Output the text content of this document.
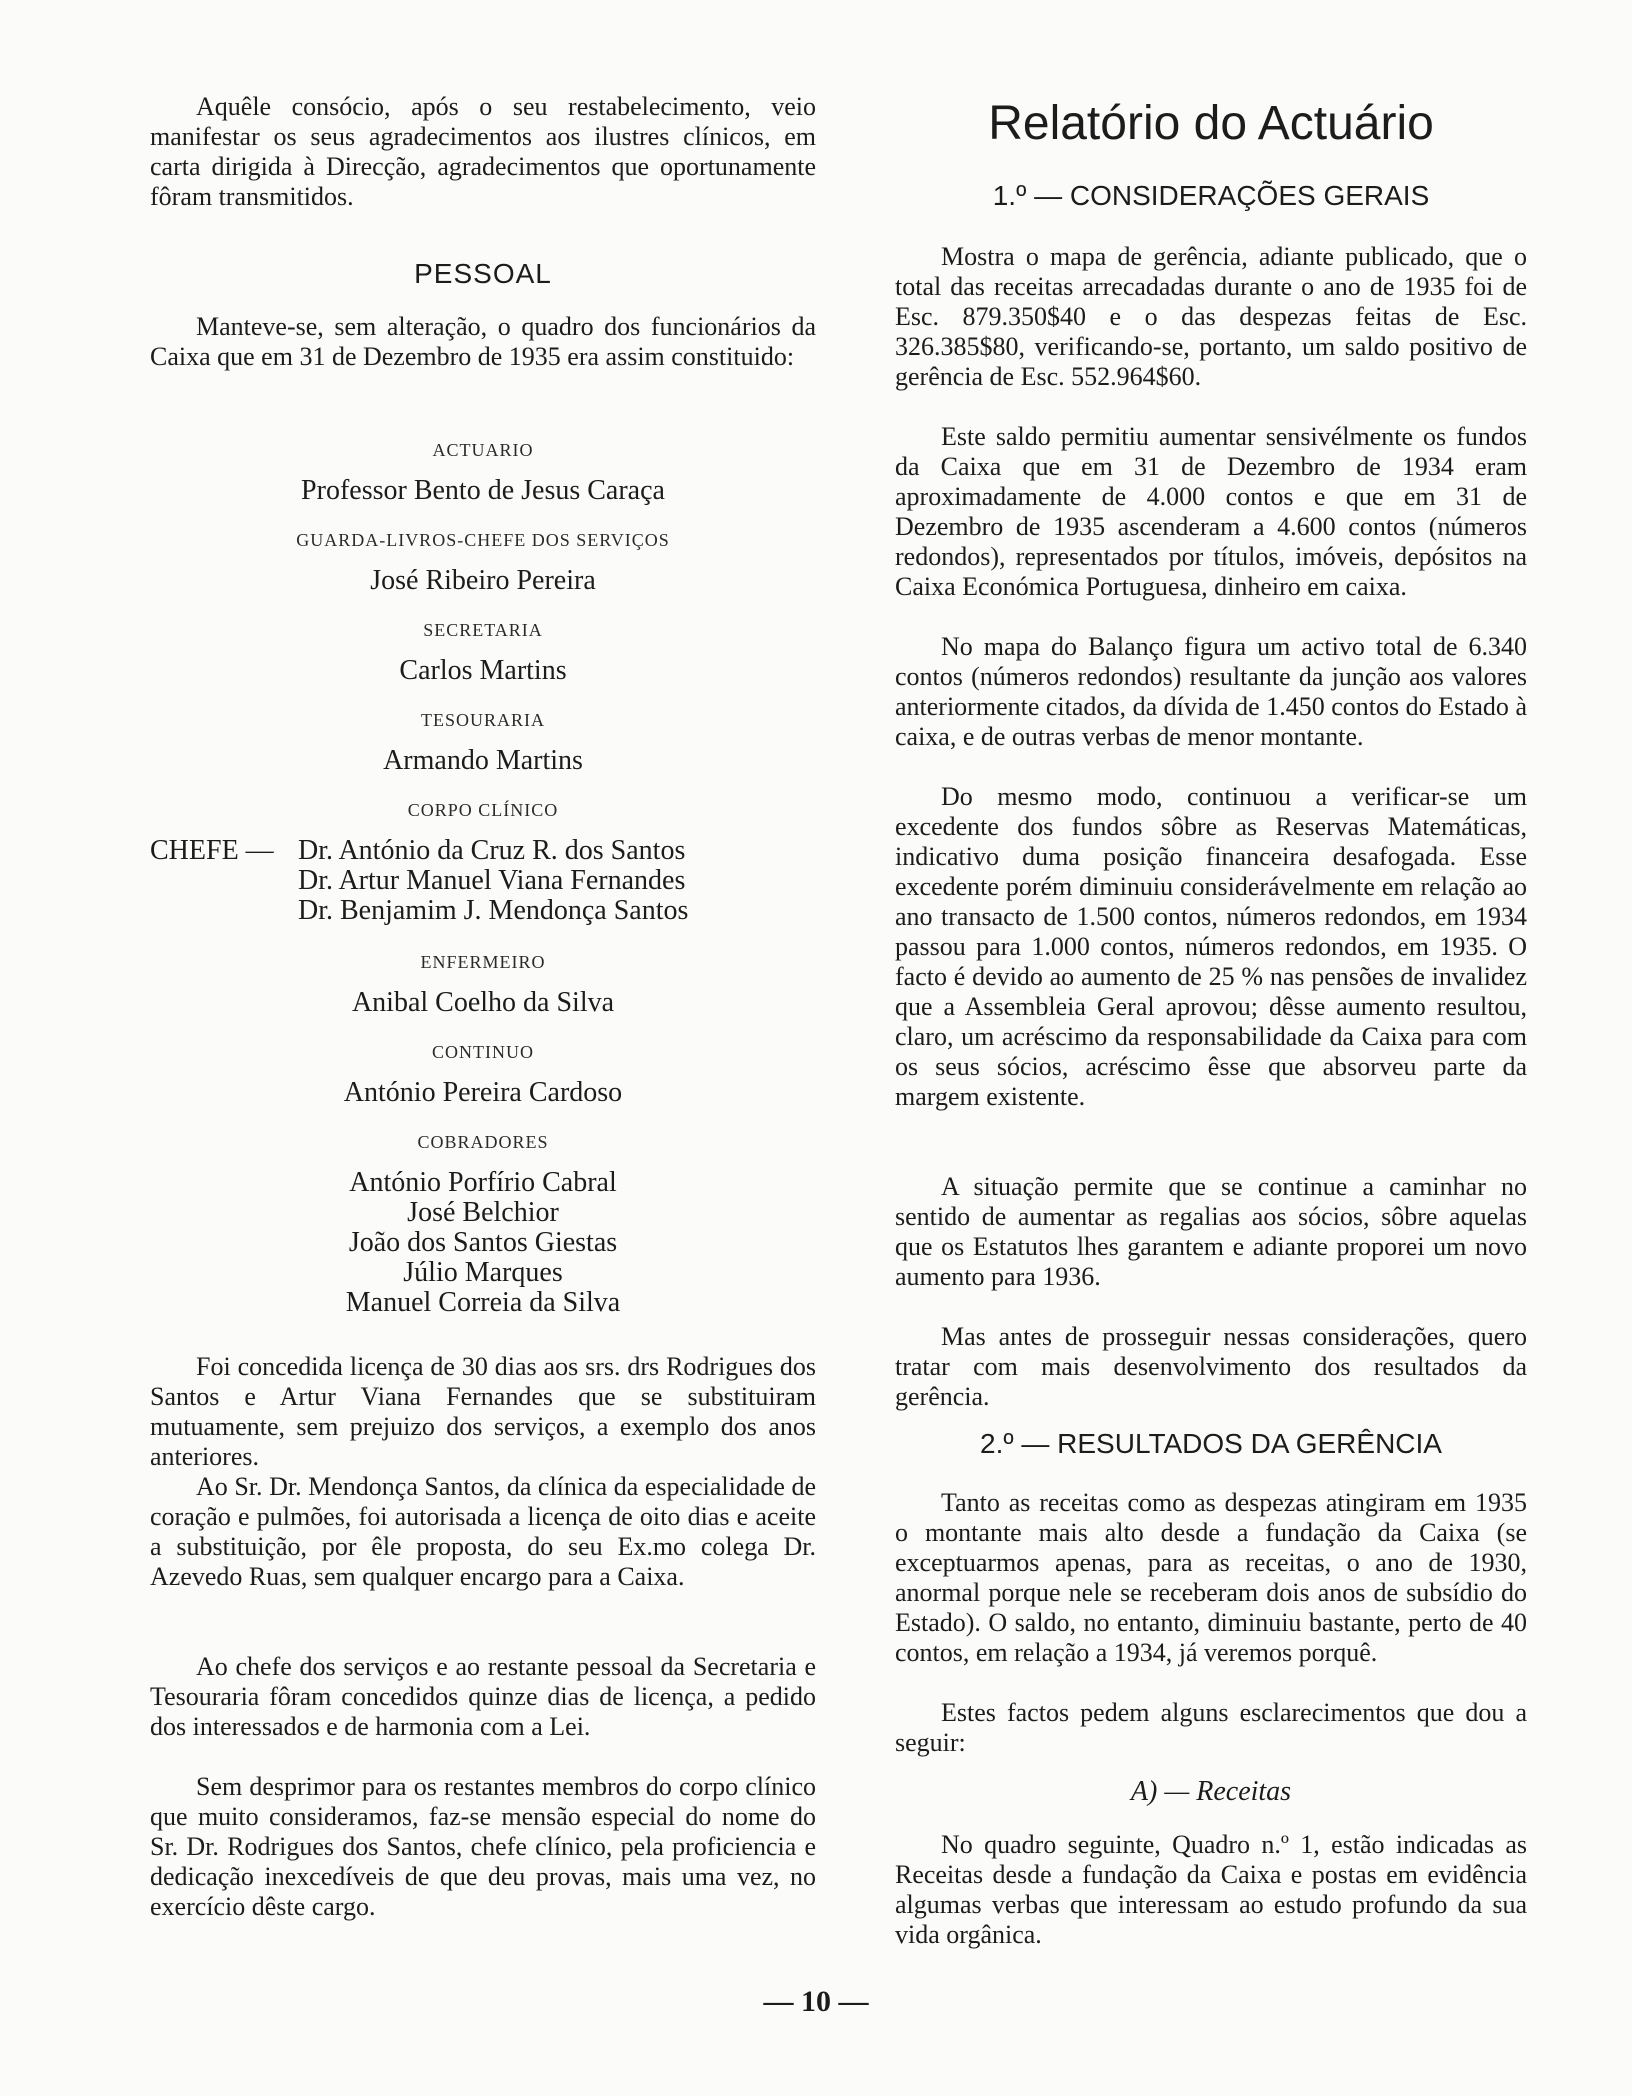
Aquêle consócio, após o seu restabelecimento, veio manifestar os seus agradecimentos aos ilustres clínicos, em carta dirigida à Direcção, agradecimentos que oportunamente fôram transmitidos.

PESSOAL

Manteve-se, sem alteração, o quadro dos funcionários da Caixa que em 31 de Dezembro de 1935 era assim constituido:

ACTUARIO
Professor Bento de Jesus Caraça
GUARDA-LIVROS-CHEFE DOS SERVIÇOS
José Ribeiro Pereira
SECRETARIA
Carlos Martins
TESOURARIA
Armando Martins
CORPO CLÍNICO
CHEFE — Dr. António da Cruz R. dos Santos
Dr. Artur Manuel Viana Fernandes
Dr. Benjamim J. Mendonça Santos
ENFERMEIRO
Anibal Coelho da Silva
CONTINUO
António Pereira Cardoso
COBRADORES
António Porfírio Cabral
José Belchior
João dos Santos Giestas
Júlio Marques
Manuel Correia da Silva

Foi concedida licença de 30 dias aos srs. drs Rodrigues dos Santos e Artur Viana Fernandes que se substituiram mutuamente, sem prejuizo dos serviços, a exemplo dos anos anteriores.

Ao Sr. Dr. Mendonça Santos, da clínica da especialidade de coração e pulmões, foi autorisada a licença de oito dias e aceite a substituição, por êle proposta, do seu Ex.mo colega Dr. Azevedo Ruas, sem qualquer encargo para a Caixa.

Ao chefe dos serviços e ao restante pessoal da Secretaria e Tesouraria fôram concedidos quinze dias de licença, a pedido dos interessados e de harmonia com a Lei.

Sem desprimor para os restantes membros do corpo clínico que muito consideramos, faz-se mensão especial do nome do Sr. Dr. Rodrigues dos Santos, chefe clínico, pela proficiencia e dedicação inexcedíveis de que deu provas, mais uma vez, no exercício dêste cargo.

Relatório do Actuário
1.º — CONSIDERAÇÕES GERAIS

Mostra o mapa de gerência, adiante publicado, que o total das receitas arrecadadas durante o ano de 1935 foi de Esc. 879.350$40 e o das despezas feitas de Esc. 326.385$80, verificando-se, portanto, um saldo positivo de gerência de Esc. 552.964$60.

Este saldo permitiu aumentar sensivélmente os fundos da Caixa que em 31 de Dezembro de 1934 eram aproximadamente de 4.000 contos e que em 31 de Dezembro de 1935 ascenderam a 4.600 contos (números redondos), representados por títulos, imóveis, depósitos na Caixa Económica Portuguesa, dinheiro em caixa.

No mapa do Balanço figura um activo total de 6.340 contos (números redondos) resultante da junção aos valores anteriormente citados, da dívida de 1.450 contos do Estado à caixa, e de outras verbas de menor montante.

Do mesmo modo, continuou a verificar-se um excedente dos fundos sôbre as Reservas Matemáticas, indicativo duma posição financeira desafogada. Esse excedente porém diminuiu considerávelmente em relação ao ano transacto de 1.500 contos, números redondos, em 1934 passou para 1.000 contos, números redondos, em 1935. O facto é devido ao aumento de 25 % nas pensões de invalidez que a Assembleia Geral aprovou; dêsse aumento resultou, claro, um acréscimo da responsabilidade da Caixa para com os seus sócios, acréscimo êsse que absorveu parte da margem existente.

A situação permite que se continue a caminhar no sentido de aumentar as regalias aos sócios, sôbre aquelas que os Estatutos lhes garantem e adiante proporei um novo aumento para 1936.

Mas antes de prosseguir nessas considerações, quero tratar com mais desenvolvimento dos resultados da gerência.

2.º — RESULTADOS DA GERÊNCIA

Tanto as receitas como as despezas atingiram em 1935 o montante mais alto desde a fundação da Caixa (se exceptuarmos apenas, para as receitas, o ano de 1930, anormal porque nele se receberam dois anos de subsídio do Estado). O saldo, no entanto, diminuiu bastante, perto de 40 contos, em relação a 1934, já veremos porquê.

Estes factos pedem alguns esclarecimentos que dou a seguir:

A) — Receitas

No quadro seguinte, Quadro n.º 1, estão indicadas as Receitas desde a fundação da Caixa e postas em evidência algumas verbas que interessam ao estudo profundo da sua vida orgânica.

— 10 —
